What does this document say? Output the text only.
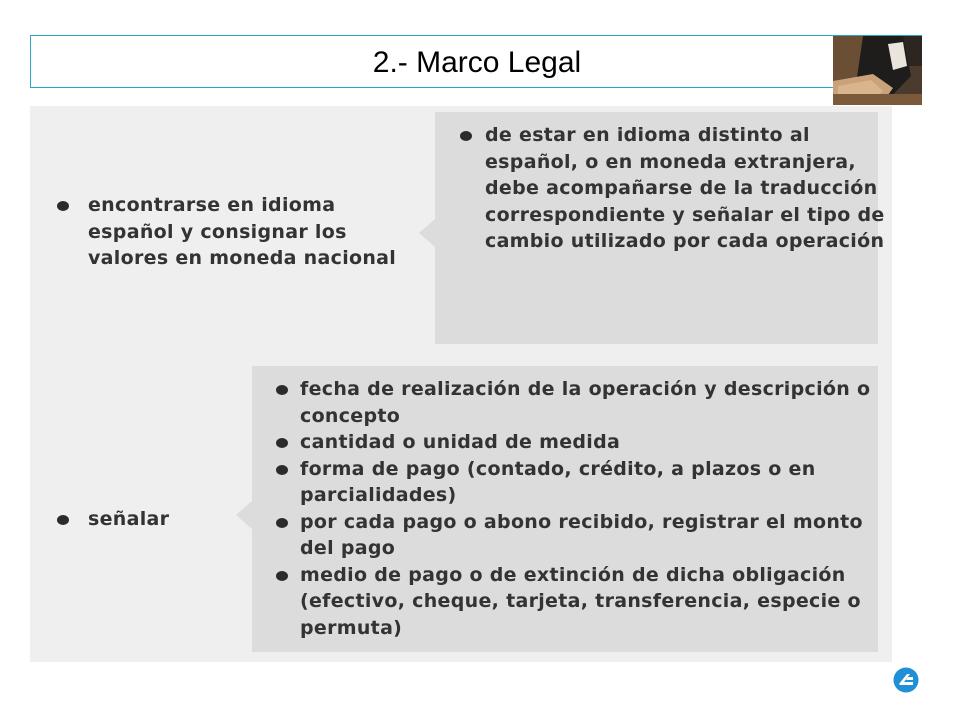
2.- Marco Legal
encontrarse en idioma español y consignar los valores en moneda nacional
de estar en idioma distinto al español, o en moneda extranjera, debe acompañarse de la traducción correspondiente y señalar el tipo de cambio utilizado por cada operación
señalar
fecha de realización de la operación y descripción o concepto
cantidad o unidad de medida
forma de pago (contado, crédito, a plazos o en parcialidades)
por cada pago o abono recibido, registrar el monto del pago
medio de pago o de extinción de dicha obligación (efectivo, cheque, tarjeta, transferencia, especie o permuta)
